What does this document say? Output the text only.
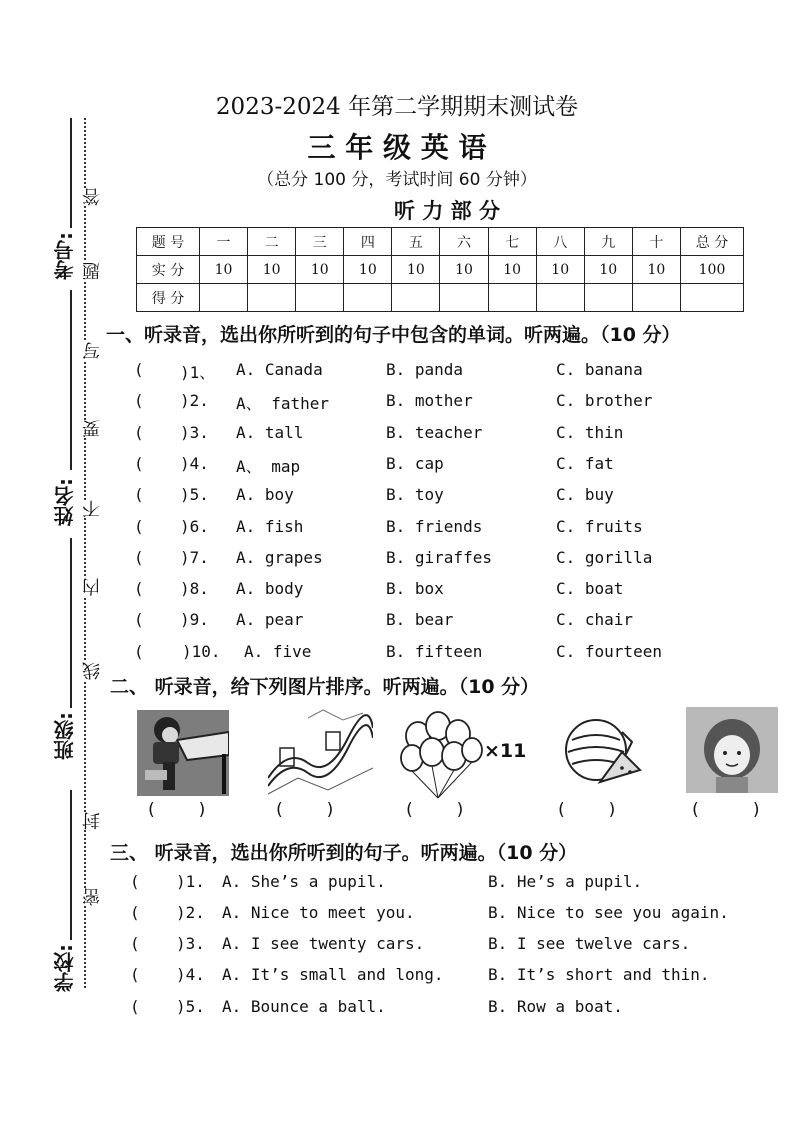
考号:
姓名:
班级:
学校:
答
题
写
要
不
内
线
封
密
2023-2024 年第二学期期末测试卷
三 年 级 英 语
（总分 100 分，考试时间 60 分钟）
听 力 部 分
题 号	一	二	三	四	五	六	七	八	九	十	总 分
实 分	10	10	10	10	10	10	10	10	10	10	100
得 分											
一、听录音，选出你所听到的句子中包含的单词。听两遍。（10 分）
( )1、 A. Canada	B. panda	C. banana
( )2. A、 father	B. mother	C. brother
( )3. A. tall	B. teacher	C. thin
( )4. A、 map	B. cap	C. fat
( )5. A. boy	B. toy	C. buy
( )6. A. fish	B. friends	C. fruits
( )7. A. grapes	B. giraffes	C. gorilla
( )8. A. body	B. box	C. boat
( )9. A. pear	B. bear	C. chair
( )10. A. five	B. fifteen	C. fourteen
二、 听录音，给下列图片排序。听两遍。（10 分）
×11
(    )	(    )	(    )	(    )	(     )
三、 听录音，选出你所听到的句子。听两遍。（10 分）
( )1. A. She’s a pupil.	B. He’s a pupil.
( )2. A. Nice to meet you.	B. Nice to see you again.
( )3. A. I see twenty cars.	B. I see twelve cars.
( )4. A. It’s small and long.	B. It’s short and thin.
( )5. A. Bounce a ball.	B. Row a boat.
